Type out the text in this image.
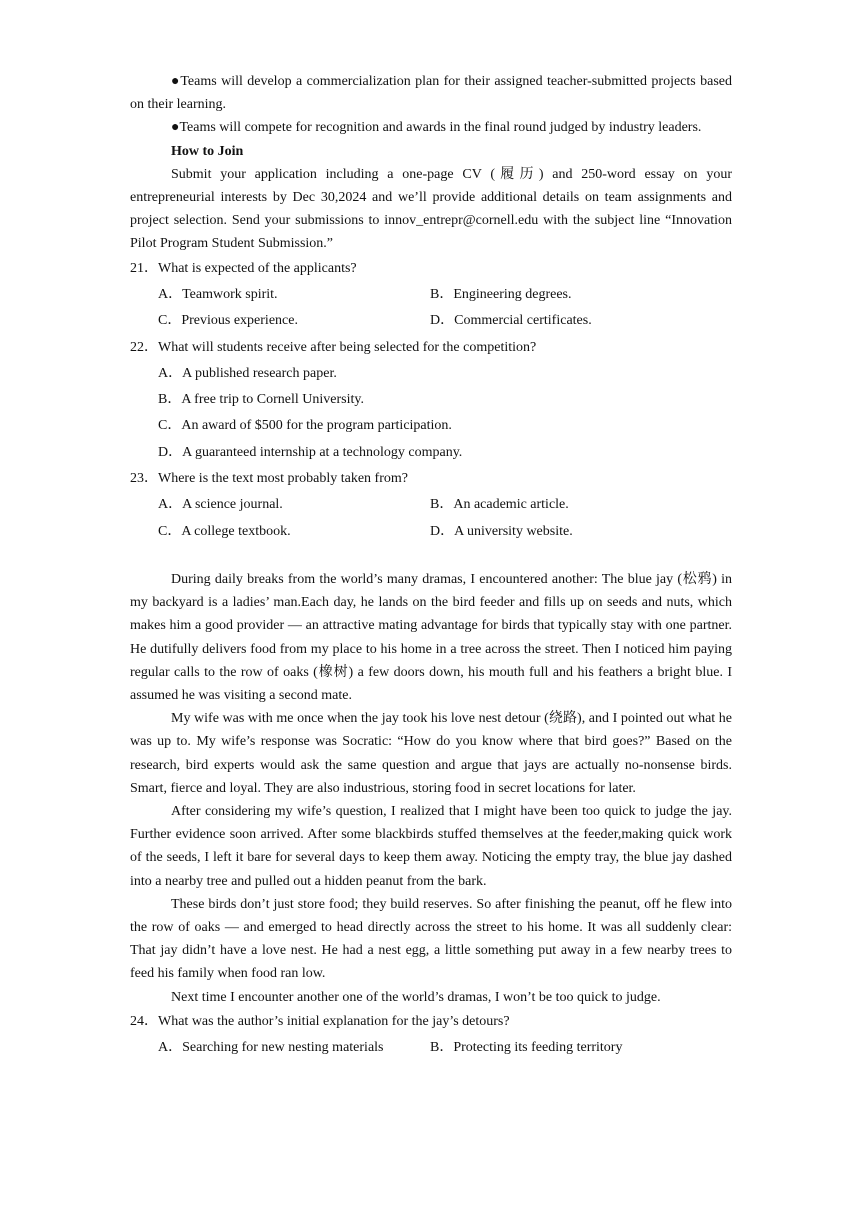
●Teams will develop a commercialization plan for their assigned teacher-submitted projects based on their learning.

●Teams will compete for recognition and awards in the final round judged by industry leaders.

How to Join

Submit your application including a one-page CV (履历) and 250-word essay on your entrepreneurial interests by Dec 30,2024 and we’ll provide additional details on team assignments and project selection. Send your submissions to innov_entrepr@cornell.edu with the subject line “Innovation Pilot Program Student Submission.”

21．What is expected of the applicants?
A．Teamwork spirit.	B．Engineering degrees.
C．Previous experience.	D．Commercial certificates.
22．What will students receive after being selected for the competition?
A．A published research paper.
B．A free trip to Cornell University.
C．An award of $500 for the program participation.
D．A guaranteed internship at a technology company.
23．Where is the text most probably taken from?
A．A science journal.	B．An academic article.
C．A college textbook.	D．A university website.

During daily breaks from the world’s many dramas, I encountered another: The blue jay (松鸦) in my backyard is a ladies’ man.Each day, he lands on the bird feeder and fills up on seeds and nuts, which makes him a good provider — an attractive mating advantage for birds that typically stay with one partner. He dutifully delivers food from my place to his home in a tree across the street. Then I noticed him paying regular calls to the row of oaks (橡树) a few doors down, his mouth full and his feathers a bright blue. I assumed he was visiting a second mate.

My wife was with me once when the jay took his love nest detour (绕路), and I pointed out what he was up to. My wife’s response was Socratic: “How do you know where that bird goes?” Based on the research, bird experts would ask the same question and argue that jays are actually no-nonsense birds. Smart, fierce and loyal. They are also industrious, storing food in secret locations for later.

After considering my wife’s question, I realized that I might have been too quick to judge the jay. Further evidence soon arrived. After some blackbirds stuffed themselves at the feeder,making quick work of the seeds, I left it bare for several days to keep them away. Noticing the empty tray, the blue jay dashed into a nearby tree and pulled out a hidden peanut from the bark.

These birds don’t just store food; they build reserves. So after finishing the peanut, off he flew into the row of oaks — and emerged to head directly across the street to his home. It was all suddenly clear: That jay didn’t have a love nest. He had a nest egg, a little something put away in a few nearby trees to feed his family when food ran low.

Next time I encounter another one of the world’s dramas, I won’t be too quick to judge.

24．What was the author’s initial explanation for the jay’s detours?
A．Searching for new nesting materials	B．Protecting its feeding territory
